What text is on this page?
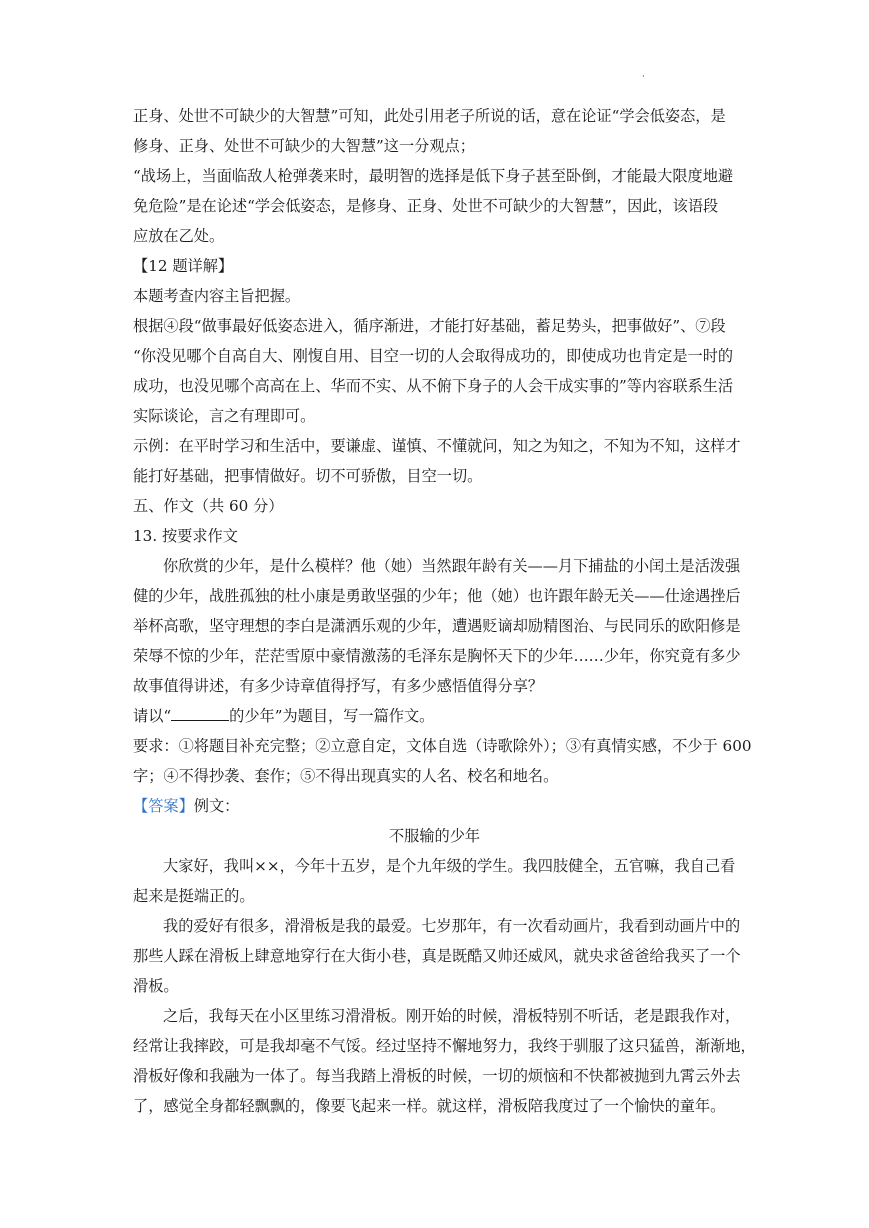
·
正身、处世不可缺少的大智慧”可知，此处引用老子所说的话，意在论证“学会低姿态，是
修身、正身、处世不可缺少的大智慧”这一分观点；
“战场上，当面临敌人枪弹袭来时，最明智的选择是低下身子甚至卧倒，才能最大限度地避
免危险”是在论述“学会低姿态，是修身、正身、处世不可缺少的大智慧”，因此，该语段
应放在乙处。
【12 题详解】
本题考查内容主旨把握。
根据④段“做事最好低姿态进入，循序渐进，才能打好基础，蓄足势头，把事做好”、⑦段
“你没见哪个自高自大、刚愎自用、目空一切的人会取得成功的，即使成功也肯定是一时的
成功，也没见哪个高高在上、华而不实、从不俯下身子的人会干成实事的”等内容联系生活
实际谈论，言之有理即可。
示例：在平时学习和生活中，要谦虚、谨慎、不懂就问，知之为知之，不知为不知，这样才
能打好基础，把事情做好。切不可骄傲，目空一切。
五、作文（共 60 分）
13. 按要求作文
你欣赏的少年，是什么模样？他（她）当然跟年龄有关——月下捕盐的小闰土是活泼强
健的少年，战胜孤独的杜小康是勇敢坚强的少年；他（她）也许跟年龄无关——仕途遇挫后
举杯高歌，坚守理想的李白是潇洒乐观的少年，遭遇贬谪却励精图治、与民同乐的欧阳修是
荣辱不惊的少年，茫茫雪原中豪情激荡的毛泽东是胸怀天下的少年……少年，你究竟有多少
故事值得讲述，有多少诗章值得抒写，有多少感悟值得分享？
请以“	的少年”为题目，写一篇作文。
要求：①将题目补充完整；②立意自定，文体自选（诗歌除外）；③有真情实感，不少于 600
字；④不得抄袭、套作；⑤不得出现真实的人名、校名和地名。
【答案】例文：
不服输的少年
大家好，我叫××，今年十五岁，是个九年级的学生。我四肢健全，五官嘛，我自己看
起来是挺端正的。
我的爱好有很多，滑滑板是我的最爱。七岁那年，有一次看动画片，我看到动画片中的
那些人踩在滑板上肆意地穿行在大街小巷，真是既酷又帅还威风，就央求爸爸给我买了一个
滑板。
之后，我每天在小区里练习滑滑板。刚开始的时候，滑板特别不听话，老是跟我作对，
经常让我摔跤，可是我却毫不气馁。经过坚持不懈地努力，我终于驯服了这只猛兽，渐渐地，
滑板好像和我融为一体了。每当我踏上滑板的时候，一切的烦恼和不快都被抛到九霄云外去
了，感觉全身都轻飘飘的，像要飞起来一样。就这样，滑板陪我度过了一个愉快的童年。
